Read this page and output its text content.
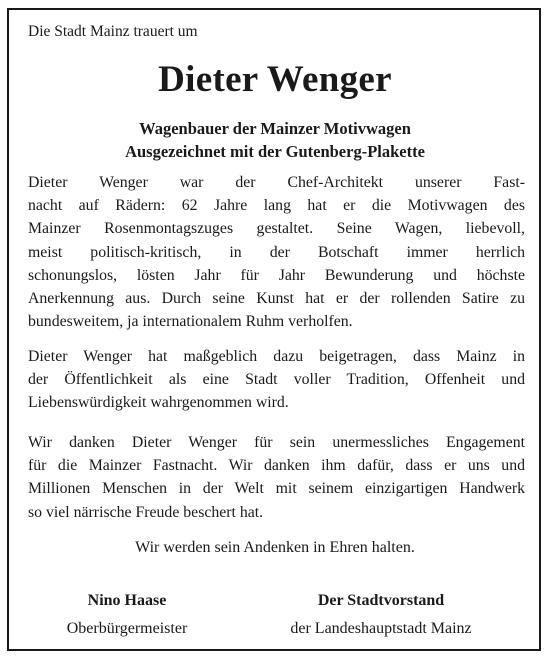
Die Stadt Mainz trauert um
Dieter Wenger
Wagenbauer der Mainzer Motivwagen
Ausgezeichnet mit der Gutenberg-Plakette
Dieter Wenger war der Chef-Architekt unserer Fast-
nacht auf Rädern: 62 Jahre lang hat er die Motivwagen des
Mainzer Rosenmontagszuges gestaltet. Seine Wagen, liebevoll,
meist politisch-kritisch, in der Botschaft immer herrlich
schonungslos, lösten Jahr für Jahr Bewunderung und höchste
Anerkennung aus. Durch seine Kunst hat er der rollenden Satire zu
bundesweitem, ja internationalem Ruhm verholfen.
Dieter Wenger hat maßgeblich dazu beigetragen, dass Mainz in
der Öffentlichkeit als eine Stadt voller Tradition, Offenheit und
Liebenswürdigkeit wahrgenommen wird.
Wir danken Dieter Wenger für sein unermessliches Engagement
für die Mainzer Fastnacht. Wir danken ihm dafür, dass er uns und
Millionen Menschen in der Welt mit seinem einzigartigen Handwerk
so viel närrische Freude beschert hat.
Wir werden sein Andenken in Ehren halten.
Nino Haase
Oberbürgermeister
Der Stadtvorstand
der Landeshauptstadt Mainz
